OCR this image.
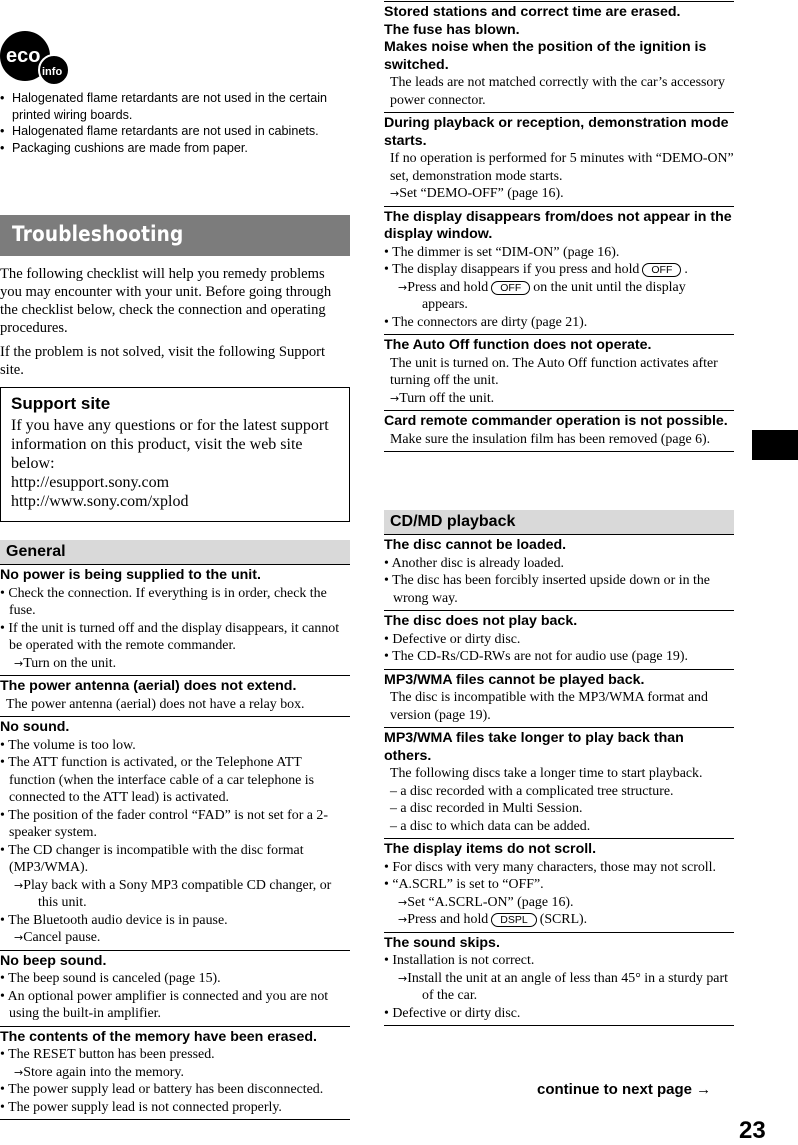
eco
info
• Halogenated flame retardants are not used in the certain printed wiring boards.
• Halogenated flame retardants are not used in cabinets.
• Packaging cushions are made from paper.
Troubleshooting

The following checklist will help you remedy problems you may encounter with your unit. Before going through the checklist below, check the connection and operating procedures.

If the problem is not solved, visit the following Support site.

Support site
If you have any questions or for the latest support information on this product, visit the web site below:
http://esupport.sony.com
http://www.sony.com/xplod
General
No power is being supplied to the unit.
• Check the connection. If everything is in order, check the fuse.
• If the unit is turned off and the display disappears, it cannot be operated with the remote commander.
→Turn on the unit.
The power antenna (aerial) does not extend.
The power antenna (aerial) does not have a relay box.
No sound.
• The volume is too low.
• The ATT function is activated, or the Telephone ATT function (when the interface cable of a car telephone is connected to the ATT lead) is activated.
• The position of the fader control “FAD” is not set for a 2-speaker system.
• The CD changer is incompatible with the disc format (MP3/WMA).
→Play back with a Sony MP3 compatible CD changer, or this unit.
• The Bluetooth audio device is in pause.
→Cancel pause.
No beep sound.
• The beep sound is canceled (page 15).
• An optional power amplifier is connected and you are not using the built-in amplifier.
The contents of the memory have been erased.
• The RESET button has been pressed.
→Store again into the memory.
• The power supply lead or battery has been disconnected.
• The power supply lead is not connected properly.
Stored stations and correct time are erased.
The fuse has blown.
Makes noise when the position of the ignition is switched.
The leads are not matched correctly with the car’s accessory power connector.
During playback or reception, demonstration mode starts.
If no operation is performed for 5 minutes with “DEMO-ON” set, demonstration mode starts.
→Set “DEMO-OFF” (page 16).
The display disappears from/does not appear in the display window.
• The dimmer is set “DIM-ON” (page 16).
• The display disappears if you press and hold OFF .
→Press and hold OFF on the unit until the display appears.
• The connectors are dirty (page 21).
The Auto Off function does not operate.
The unit is turned on. The Auto Off function activates after turning off the unit.
→Turn off the unit.
Card remote commander operation is not possible.
Make sure the insulation film has been removed (page 6).
CD/MD playback
The disc cannot be loaded.
• Another disc is already loaded.
• The disc has been forcibly inserted upside down or in the wrong way.
The disc does not play back.
• Defective or dirty disc.
• The CD-Rs/CD-RWs are not for audio use (page 19).
MP3/WMA files cannot be played back.
The disc is incompatible with the MP3/WMA format and version (page 19).
MP3/WMA files take longer to play back than others.
The following discs take a longer time to start playback.
– a disc recorded with a complicated tree structure.
– a disc recorded in Multi Session.
– a disc to which data can be added.
The display items do not scroll.
• For discs with very many characters, those may not scroll.
• “A.SCRL” is set to “OFF”.
→Set “A.SCRL-ON” (page 16).
→Press and hold DSPL (SCRL).
The sound skips.
• Installation is not correct.
→Install the unit at an angle of less than 45° in a sturdy part of the car.
• Defective or dirty disc.
continue to next page →
23
